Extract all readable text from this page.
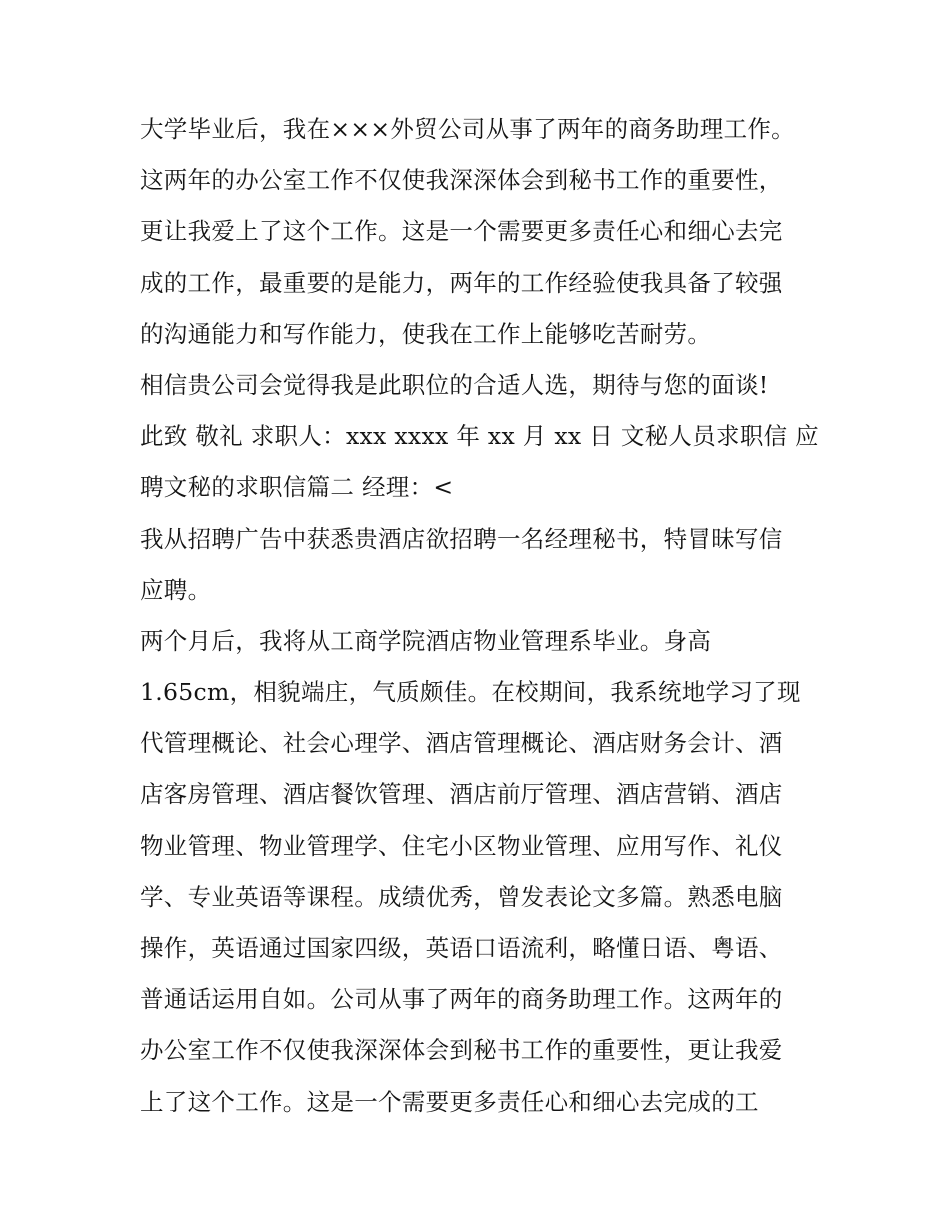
大学毕业后，我在×××外贸公司从事了两年的商务助理工作。
这两年的办公室工作不仅使我深深体会到秘书工作的重要性，
更让我爱上了这个工作。这是一个需要更多责任心和细心去完
成的工作，最重要的是能力，两年的工作经验使我具备了较强
的沟通能力和写作能力，使我在工作上能够吃苦耐劳。
相信贵公司会觉得我是此职位的合适人选，期待与您的面谈!
此致 敬礼 求职人：xxx xxxx 年 xx 月 xx 日 文秘人员求职信 应
聘文秘的求职信篇二 经理：<
我从招聘广告中获悉贵酒店欲招聘一名经理秘书，特冒昧写信
应聘。
两个月后，我将从工商学院酒店物业管理系毕业。身高
1.65cm，相貌端庄，气质颇佳。在校期间，我系统地学习了现
代管理概论、社会心理学、酒店管理概论、酒店财务会计、酒
店客房管理、酒店餐饮管理、酒店前厅管理、酒店营销、酒店
物业管理、物业管理学、住宅小区物业管理、应用写作、礼仪
学、专业英语等课程。成绩优秀，曾发表论文多篇。熟悉电脑
操作，英语通过国家四级，英语口语流利，略懂日语、粤语、
普通话运用自如。公司从事了两年的商务助理工作。这两年的
办公室工作不仅使我深深体会到秘书工作的重要性，更让我爱
上了这个工作。这是一个需要更多责任心和细心去完成的工
